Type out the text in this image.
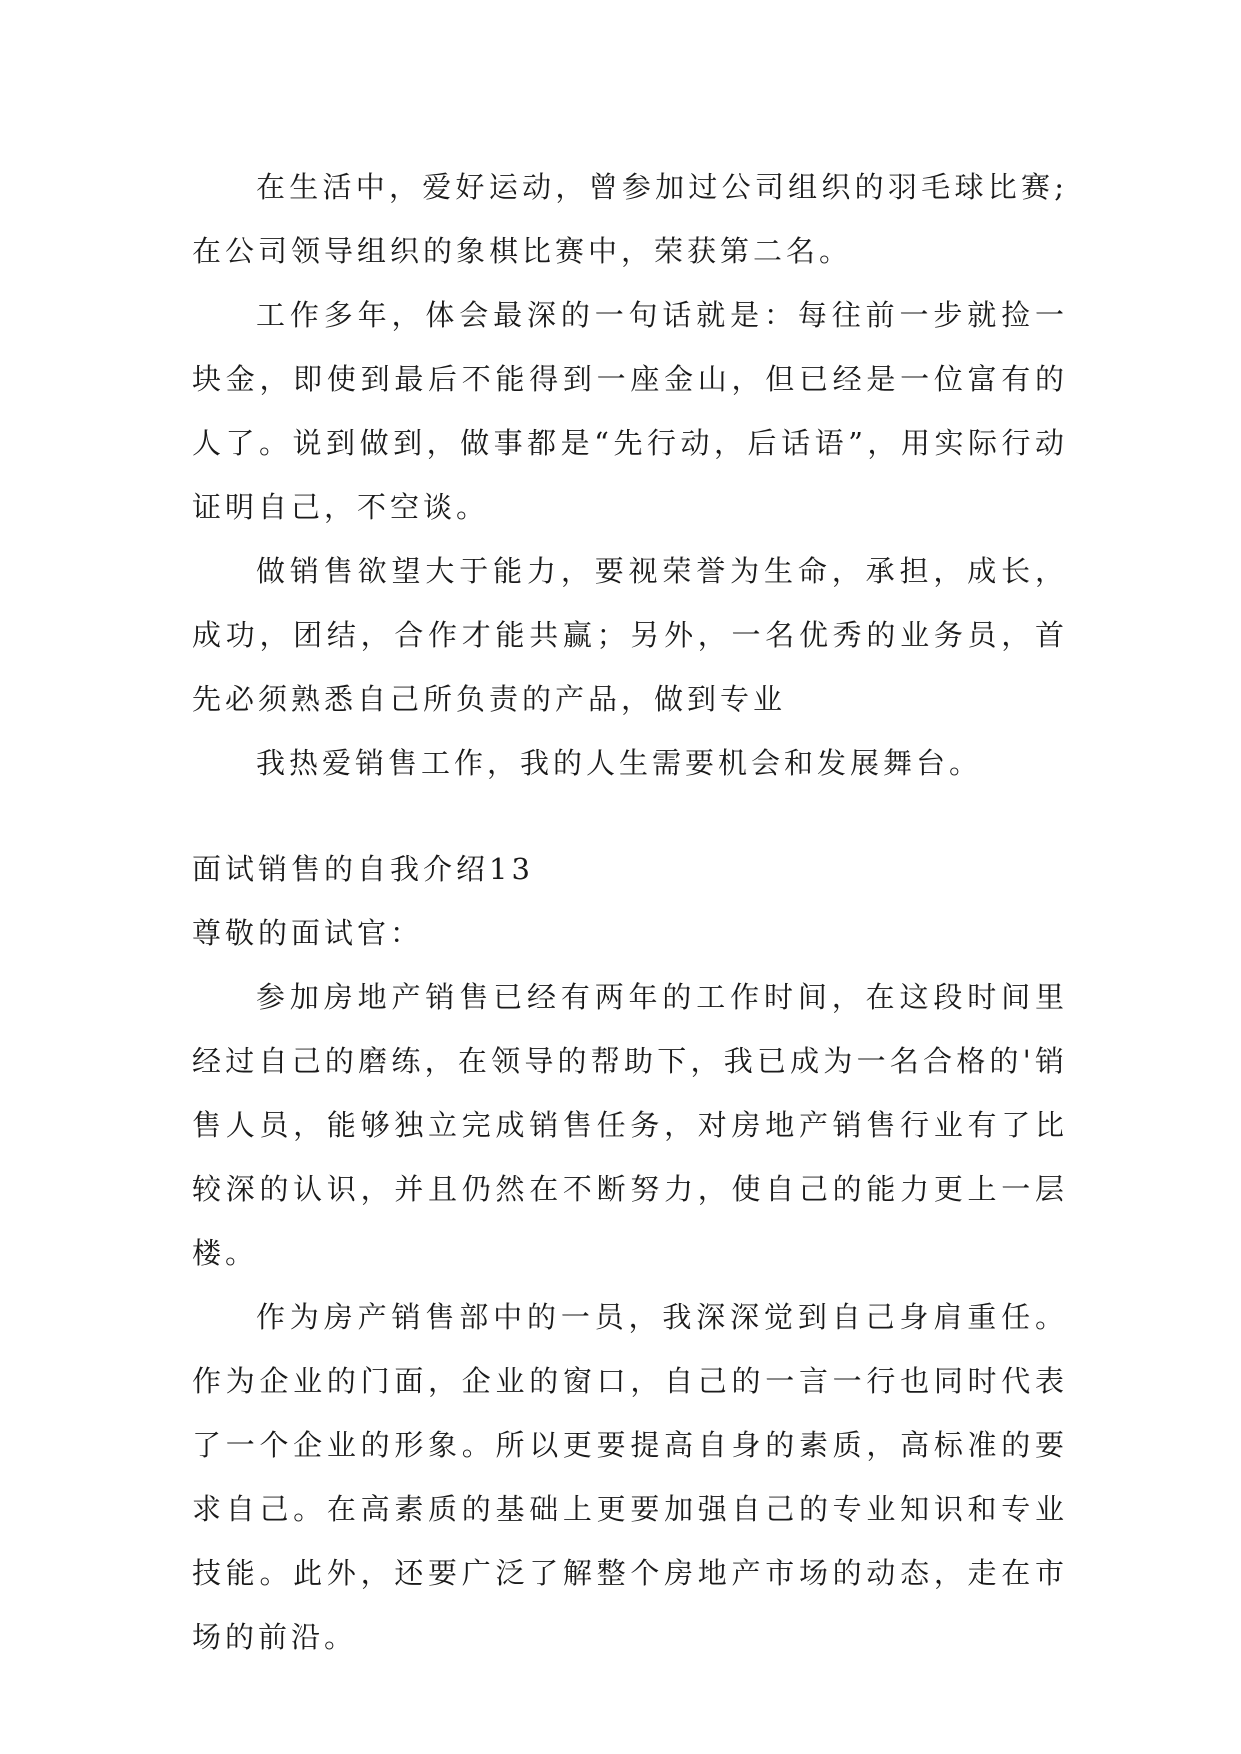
在生活中，爱好运动，曾参加过公司组织的羽毛球比赛;在公司领导组织的象棋比赛中，荣获第二名。

工作多年，体会最深的一句话就是：每往前一步就捡一块金，即使到最后不能得到一座金山，但已经是一位富有的人了。说到做到，做事都是“先行动，后话语”，用实际行动证明自己，不空谈。

做销售欲望大于能力，要视荣誉为生命，承担，成长，成功，团结，合作才能共赢；另外，一名优秀的业务员，首先必须熟悉自己所负责的产品，做到专业

我热爱销售工作，我的人生需要机会和发展舞台。

面试销售的自我介绍13

尊敬的面试官：

参加房地产销售已经有两年的工作时间，在这段时间里经过自己的磨练，在领导的帮助下，我已成为一名合格的'销售人员，能够独立完成销售任务，对房地产销售行业有了比较深的认识，并且仍然在不断努力，使自己的能力更上一层楼。

作为房产销售部中的一员，我深深觉到自己身肩重任。作为企业的门面，企业的窗口，自己的一言一行也同时代表了一个企业的形象。所以更要提高自身的素质，高标准的要求自己。在高素质的基础上更要加强自己的专业知识和专业技能。此外，还要广泛了解整个房地产市场的动态，走在市场的前沿。
